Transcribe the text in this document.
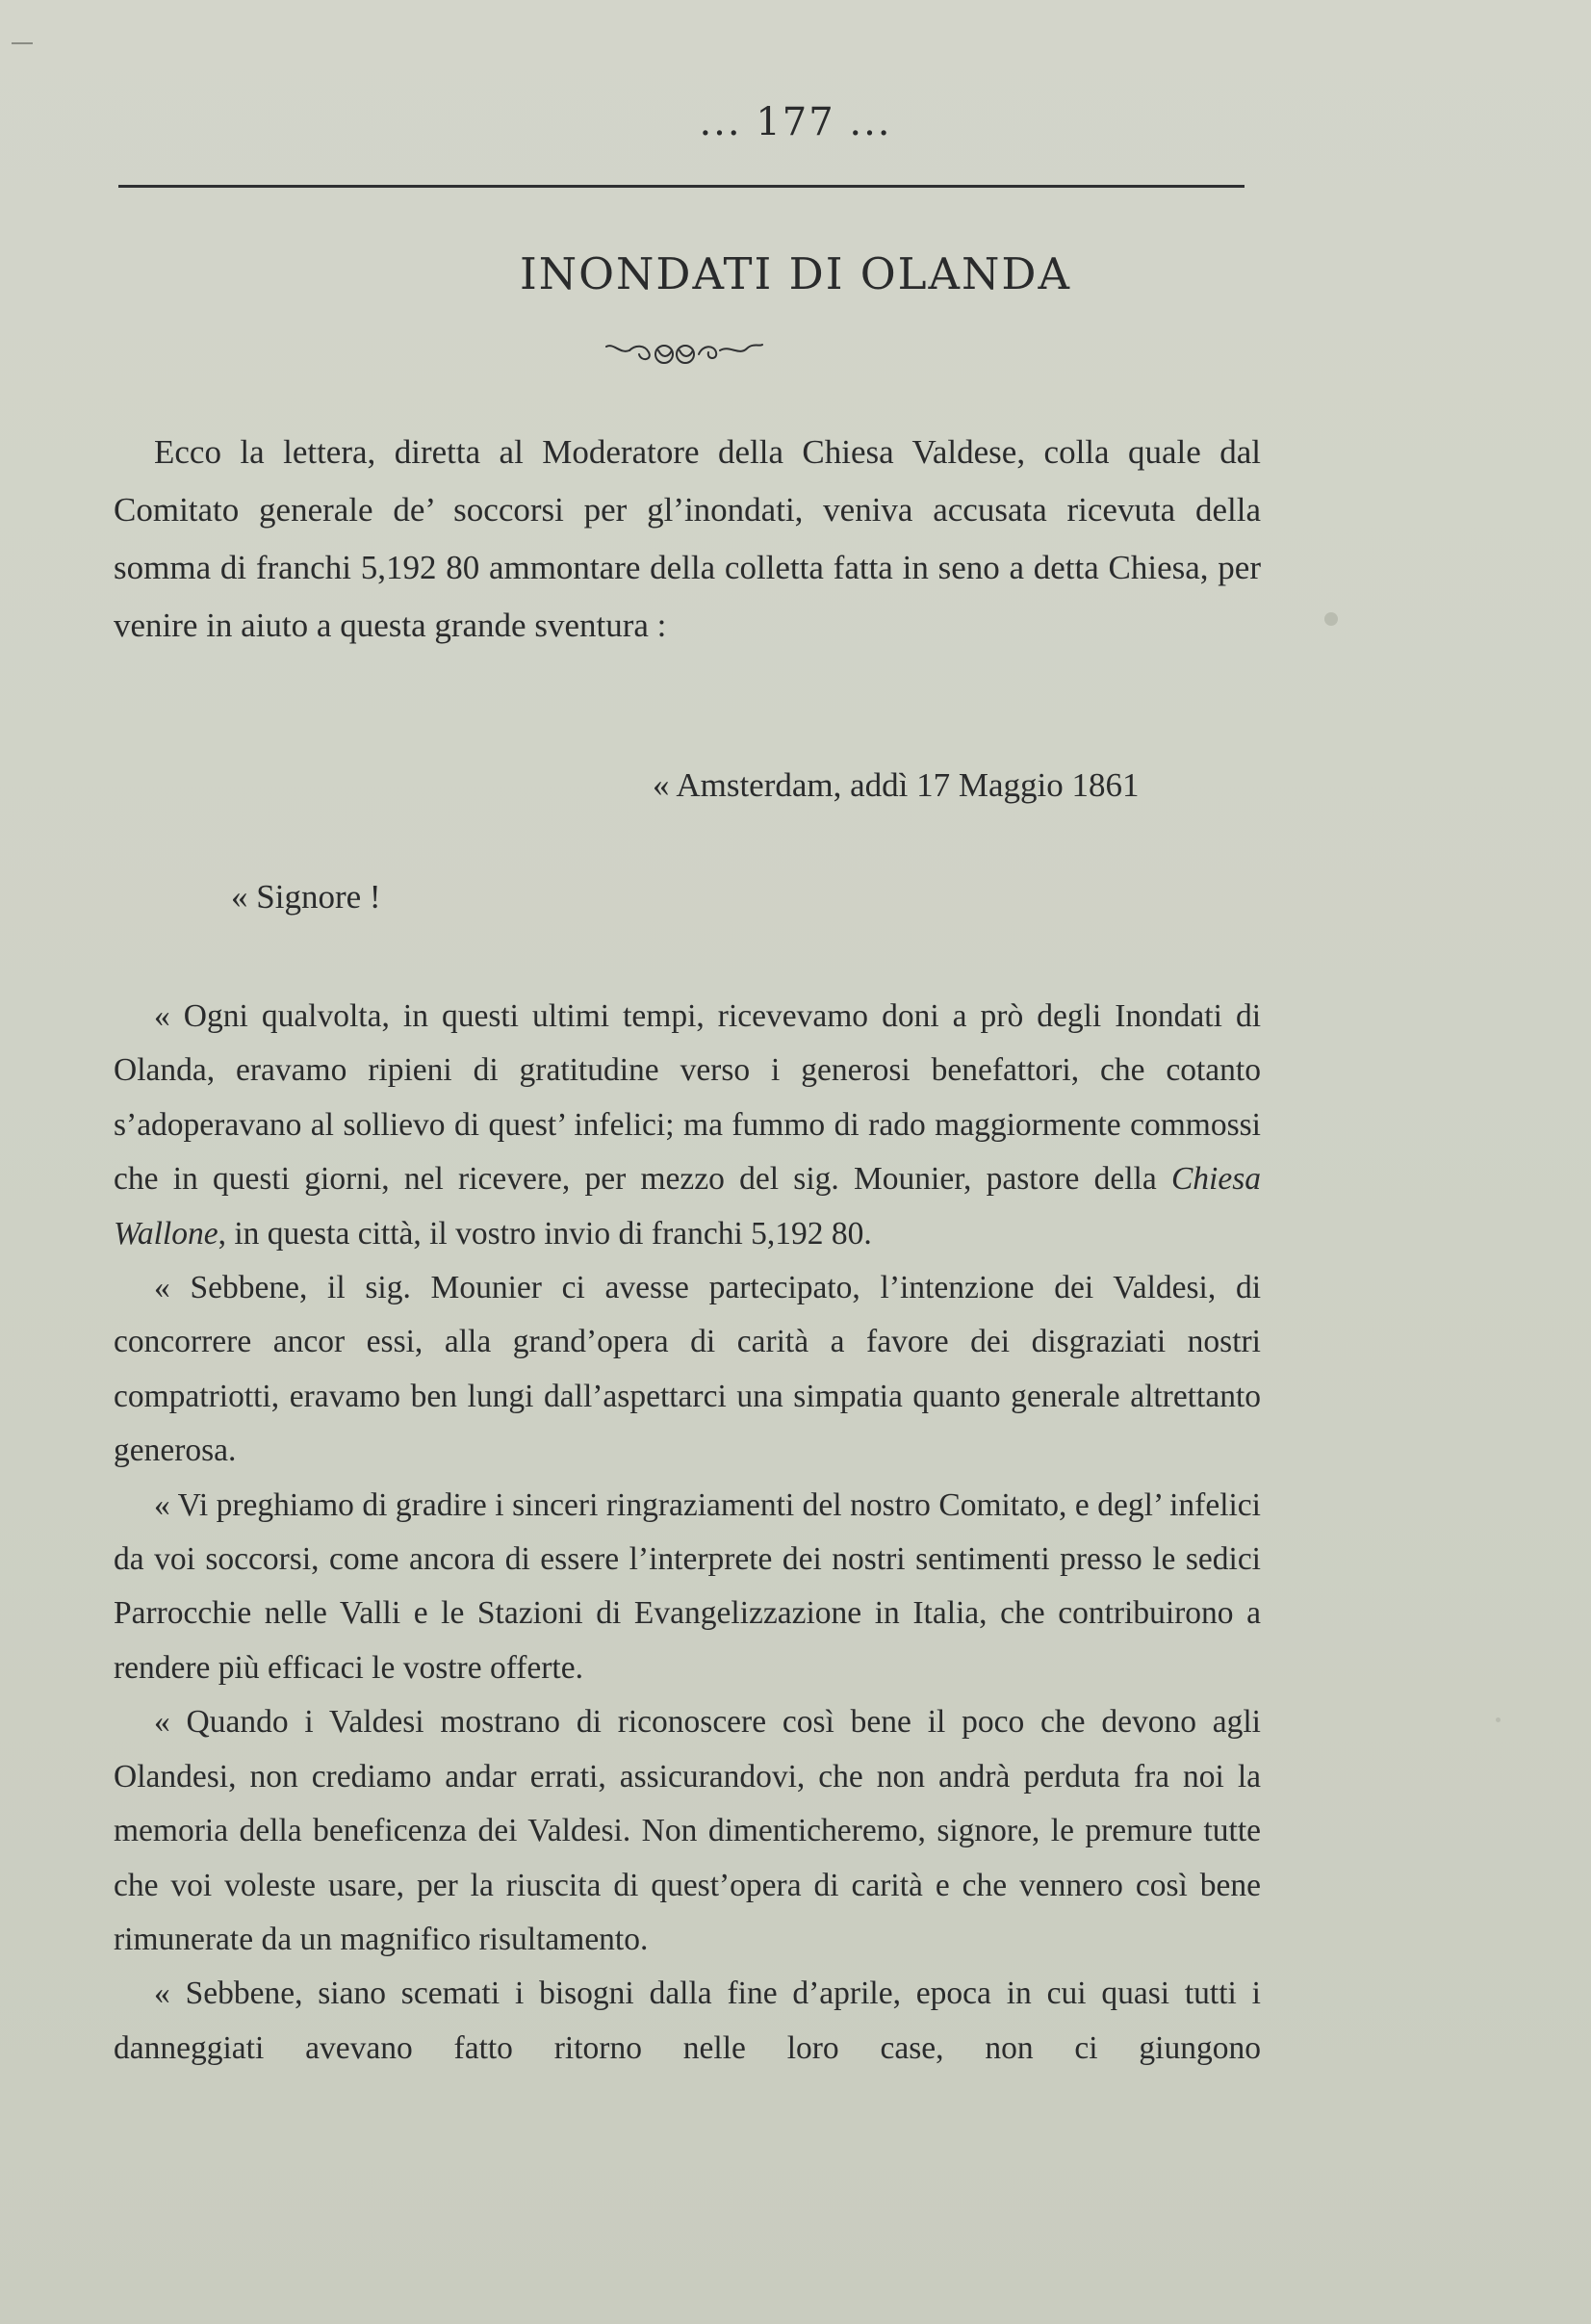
... 177 ...
INONDATI DI OLANDA

Ecco la lettera, diretta al Moderatore della Chiesa Valdese, colla quale dal Comitato generale de’ soccorsi per gl’inondati, veniva accusata ricevuta della somma di franchi 5,192 80 ammontare della colletta fatta in seno a detta Chiesa, per venire in aiuto a questa grande sventura :

« Amsterdam, addì 17 Maggio 1861
« Signore !

« Ogni qualvolta, in questi ultimi tempi, ricevevamo doni a prò degli Inondati di Olanda, eravamo ripieni di gratitudine verso i generosi benefattori, che cotanto s’adoperavano al sollievo di quest’ infelici; ma fummo di rado maggiormente commossi che in questi giorni, nel ricevere, per mezzo del sig. Mounier, pastore della Chiesa Wallone, in questa città, il vostro invio di franchi 5,192 80.

« Sebbene, il sig. Mounier ci avesse partecipato, l’intenzione dei Valdesi, di concorrere ancor essi, alla grand’opera di carità a favore dei disgraziati nostri compatriotti, eravamo ben lungi dall’aspettarci una simpatia quanto generale altrettanto generosa.

« Vi preghiamo di gradire i sinceri ringraziamenti del nostro Comitato, e degl’ infelici da voi soccorsi, come ancora di essere l’interprete dei nostri sentimenti presso le sedici Parrocchie nelle Valli e le Stazioni di Evangelizzazione in Italia, che contribuirono a rendere più efficaci le vostre offerte.

« Quando i Valdesi mostrano di riconoscere così bene il poco che devono agli Olandesi, non crediamo andar errati, assicurandovi, che non andrà perduta fra noi la memoria della beneficenza dei Valdesi. Non dimenticheremo, signore, le premure tutte che voi voleste usare, per la riuscita di quest’opera di carità e che vennero così bene rimunerate da un magnifico risultamento.

« Sebbene, siano scemati i bisogni dalla fine d’aprile, epoca in cui quasi tutti i danneggiati avevano fatto ritorno nelle loro case, non ci giungono
